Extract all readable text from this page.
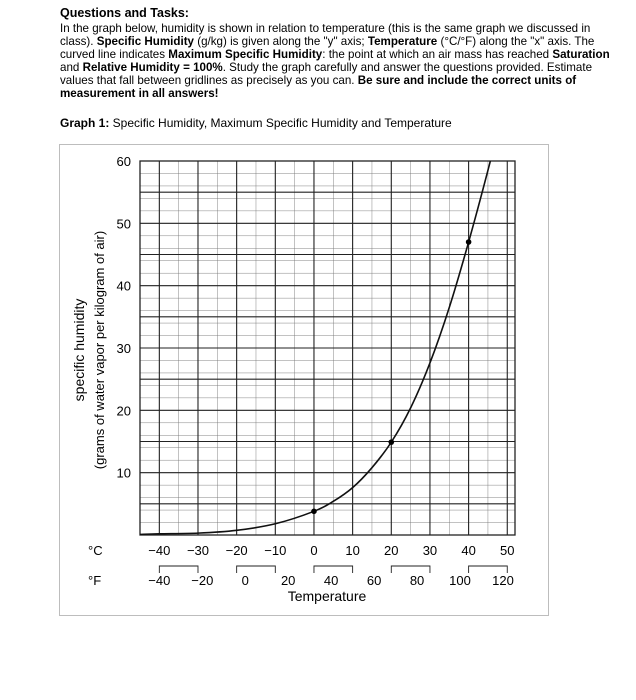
Questions and Tasks:

In the graph below, humidity is shown in relation to temperature (this is the same graph we discussed in class). Specific Humidity (g/kg) is given along the "y" axis; Temperature (°C/°F) along the "x" axis. The curved line indicates Maximum Specific Humidity: the point at which an air mass has reached Saturation and Relative Humidity = 100%. Study the graph carefully and answer the questions provided. Estimate values that fall between gridlines as precisely as you can. Be sure and include the correct units of measurement in all answers!

Graph 1: Specific Humidity, Maximum Specific Humidity and Temperature
10
20
30
40
50
60
specific humidity (grams of water vapor per kilogram of air)
°C	−40 −30 −20 −10 0 10 20 30 40 50
°F	−40 −20 0 20 40 60 80 100 120
Temperature
